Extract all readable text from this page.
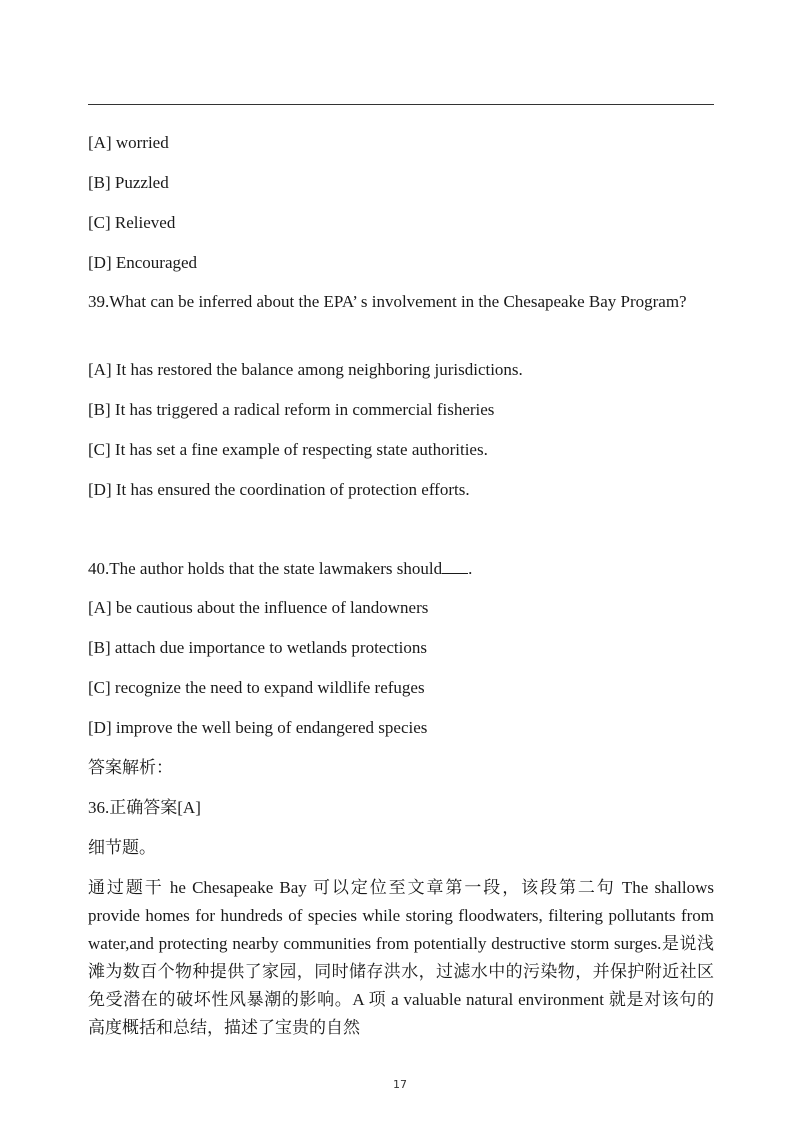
[A] worried
[B] Puzzled
[C] Relieved
[D] Encouraged
39.What can be inferred about the EPA’ s involvement in the Chesapeake Bay Program?
[A] It has restored the balance among neighboring jurisdictions.
[B] It has triggered a radical reform in commercial fisheries
[C] It has set a fine example of respecting state authorities.
[D] It has ensured the coordination of protection efforts.
40.The author holds that the state lawmakers should .
[A] be cautious about the influence of landowners
[B] attach due importance to wetlands protections
[C] recognize the need to expand wildlife refuges
[D] improve the well being of endangered species
答案解析：
36.正确答案[A]
细节题。
通过题干 he Chesapeake Bay 可以定位至文章第一段，该段第二句 The shallows provide homes for hundreds of species while storing floodwaters, filtering pollutants from water,and protecting nearby communities from potentially destructive storm surges.是说浅滩为数百个物种提供了家园，同时储存洪水，过滤水中的污染物，并保护附近社区免受潜在的破坏性风暴潮的影响。A 项 a valuable natural environment 就是对该句的高度概括和总结，描述了宝贵的自然
17
